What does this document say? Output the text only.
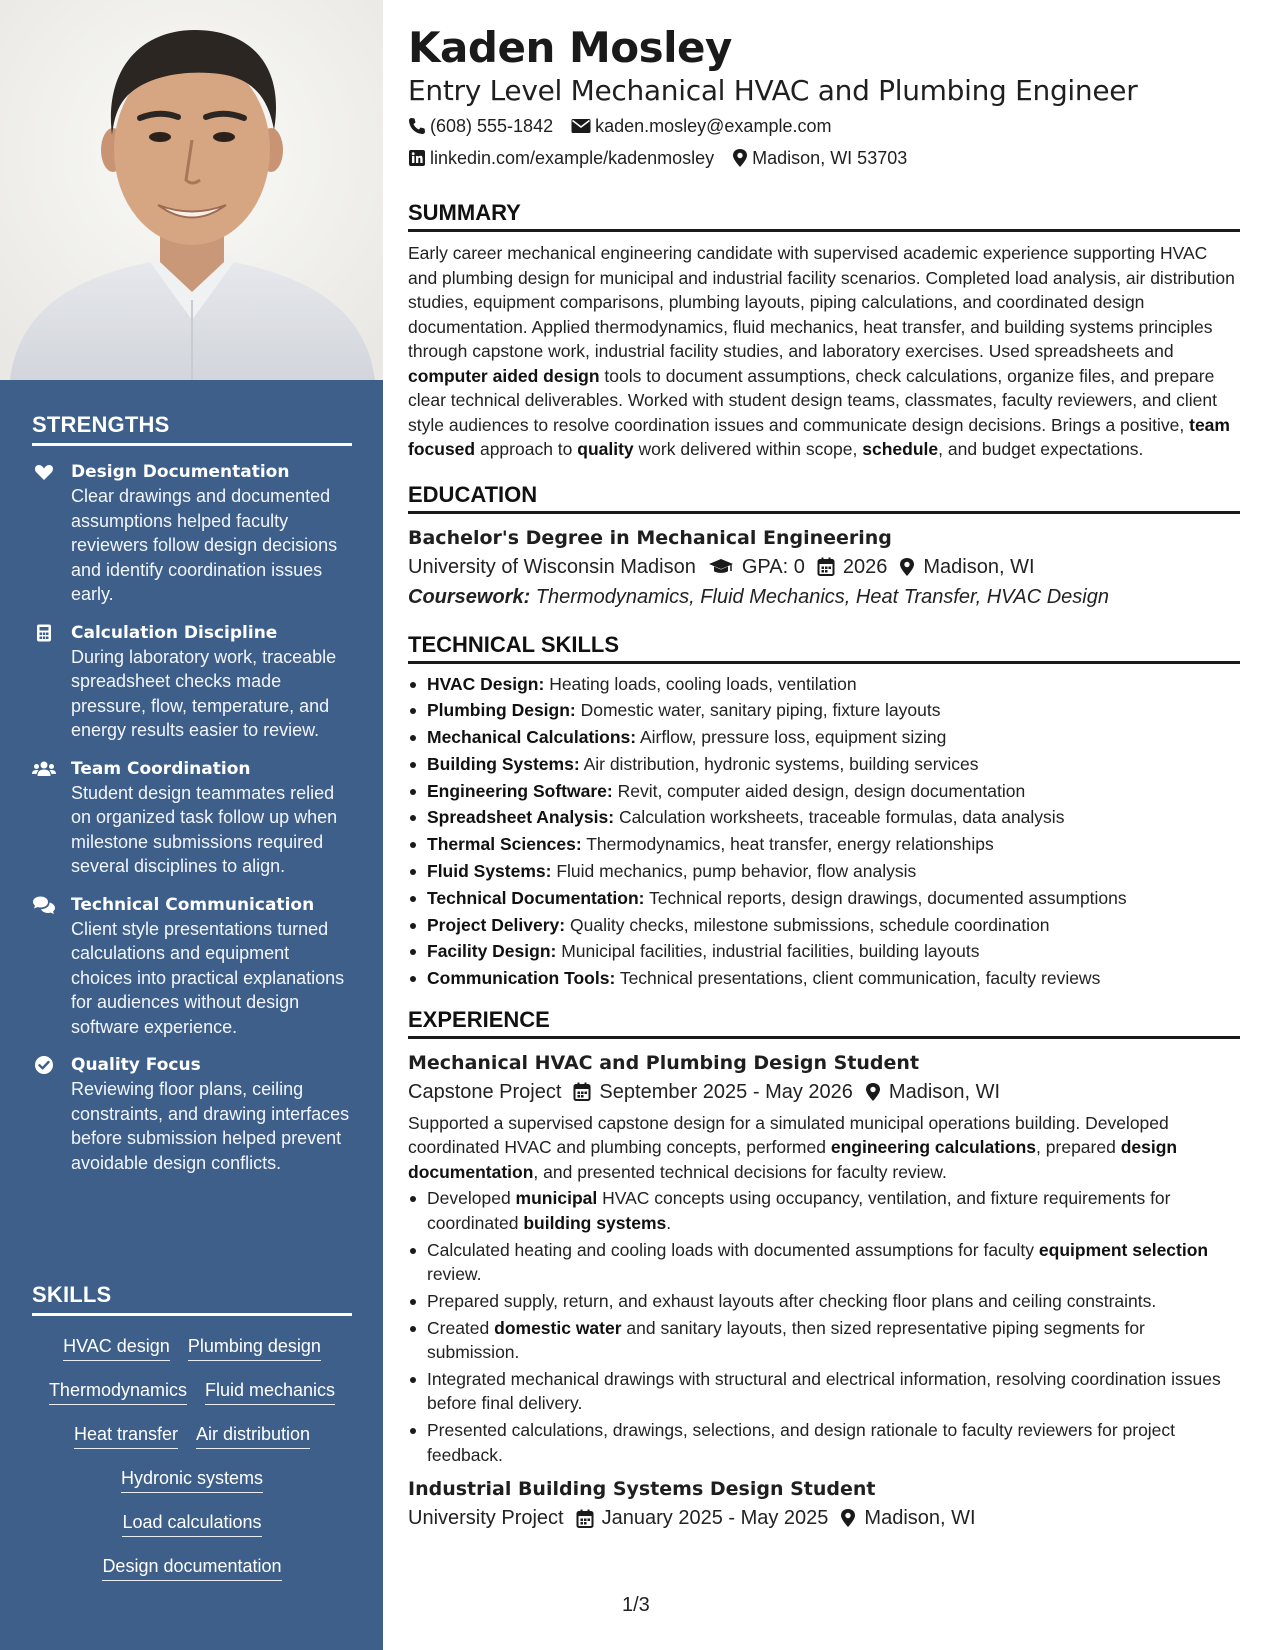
STRENGTHS
Design Documentation
Clear drawings and documented assumptions helped faculty reviewers follow design decisions and identify coordination issues early.
Calculation Discipline
During laboratory work, traceable spreadsheet checks made pressure, flow, temperature, and energy results easier to review.
Team Coordination
Student design teammates relied on organized task follow up when milestone submissions required several disciplines to align.
Technical Communication
Client style presentations turned calculations and equipment choices into practical explanations for audiences without design software experience.
Quality Focus
Reviewing floor plans, ceiling constraints, and drawing interfaces before submission helped prevent avoidable design conflicts.
SKILLS
HVAC design Plumbing design
Thermodynamics Fluid mechanics
Heat transfer Air distribution
Hydronic systems
Load calculations
Design documentation
Kaden Mosley
Entry Level Mechanical HVAC and Plumbing Engineer
(608) 555-1842 kaden.mosley@example.com
linkedin.com/example/kadenmosley Madison, WI 53703
SUMMARY
Early career mechanical engineering candidate with supervised academic experience supporting HVAC and plumbing design for municipal and industrial facility scenarios. Completed load analysis, air distribution studies, equipment comparisons, plumbing layouts, piping calculations, and coordinated design documentation. Applied thermodynamics, fluid mechanics, heat transfer, and building systems principles through capstone work, industrial facility studies, and laboratory exercises. Used spreadsheets and computer aided design tools to document assumptions, check calculations, organize files, and prepare clear technical deliverables. Worked with student design teams, classmates, faculty reviewers, and client style audiences to resolve coordination issues and communicate design decisions. Brings a positive, team focused approach to quality work delivered within scope, schedule, and budget expectations.
EDUCATION
Bachelor's Degree in Mechanical Engineering
University of Wisconsin Madison GPA: 0 2026 Madison, WI
Coursework: Thermodynamics, Fluid Mechanics, Heat Transfer, HVAC Design
TECHNICAL SKILLS
HVAC Design: Heating loads, cooling loads, ventilation
Plumbing Design: Domestic water, sanitary piping, fixture layouts
Mechanical Calculations: Airflow, pressure loss, equipment sizing
Building Systems: Air distribution, hydronic systems, building services
Engineering Software: Revit, computer aided design, design documentation
Spreadsheet Analysis: Calculation worksheets, traceable formulas, data analysis
Thermal Sciences: Thermodynamics, heat transfer, energy relationships
Fluid Systems: Fluid mechanics, pump behavior, flow analysis
Technical Documentation: Technical reports, design drawings, documented assumptions
Project Delivery: Quality checks, milestone submissions, schedule coordination
Facility Design: Municipal facilities, industrial facilities, building layouts
Communication Tools: Technical presentations, client communication, faculty reviews
EXPERIENCE
Mechanical HVAC and Plumbing Design Student
Capstone Project September 2025 - May 2026 Madison, WI
Supported a supervised capstone design for a simulated municipal operations building. Developed coordinated HVAC and plumbing concepts, performed engineering calculations, prepared design documentation, and presented technical decisions for faculty review.
Developed municipal HVAC concepts using occupancy, ventilation, and fixture requirements for coordinated building systems.
Calculated heating and cooling loads with documented assumptions for faculty equipment selection review.
Prepared supply, return, and exhaust layouts after checking floor plans and ceiling constraints.
Created domestic water and sanitary layouts, then sized representative piping segments for submission.
Integrated mechanical drawings with structural and electrical information, resolving coordination issues before final delivery.
Presented calculations, drawings, selections, and design rationale to faculty reviewers for project feedback.
Industrial Building Systems Design Student
University Project January 2025 - May 2025 Madison, WI
1/3
